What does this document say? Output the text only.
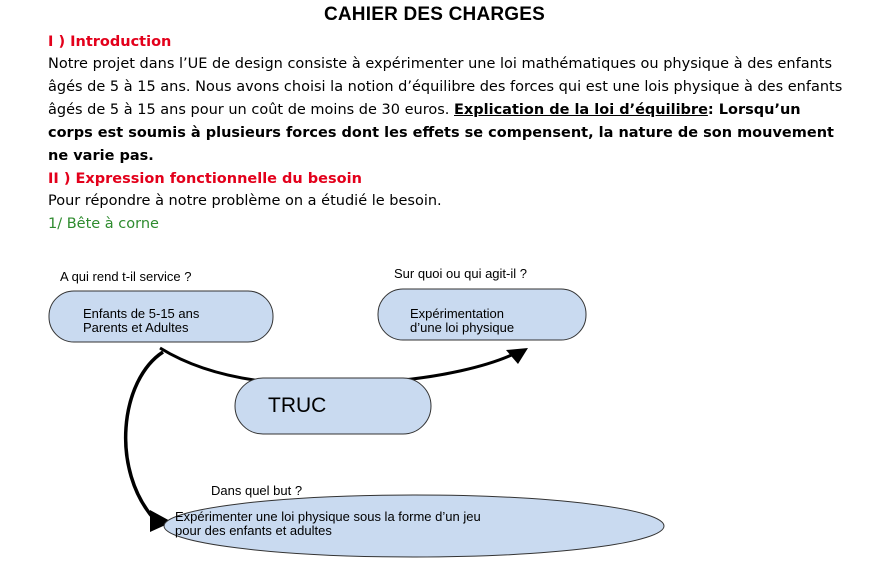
CAHIER DES CHARGES
I ) Introduction
Notre projet dans l’UE de design consiste à expérimenter une loi mathématiques ou physique à des enfants âgés de 5 à 15 ans. Nous avons choisi la notion d’équilibre des forces qui est une lois physique à des enfants âgés de 5 à 15 ans pour un coût de moins de 30 euros. Explication de la loi d’équilibre: Lorsqu’un corps est soumis à plusieurs forces dont les effets se compensent, la nature de son mouvement ne varie pas.
II ) Expression fonctionnelle du besoin
Pour répondre à notre problème on a étudié le besoin.
1/ Bête à corne
A qui rend t-il service ?	Sur quoi ou qui agit-il ?
Dans quel but ?
Enfants de 5-15 ans
Parents et Adultes
Expérimentation
d’une loi physique
TRUC
Expérimenter une loi physique sous la forme d’un jeu
pour des enfants et adultes
